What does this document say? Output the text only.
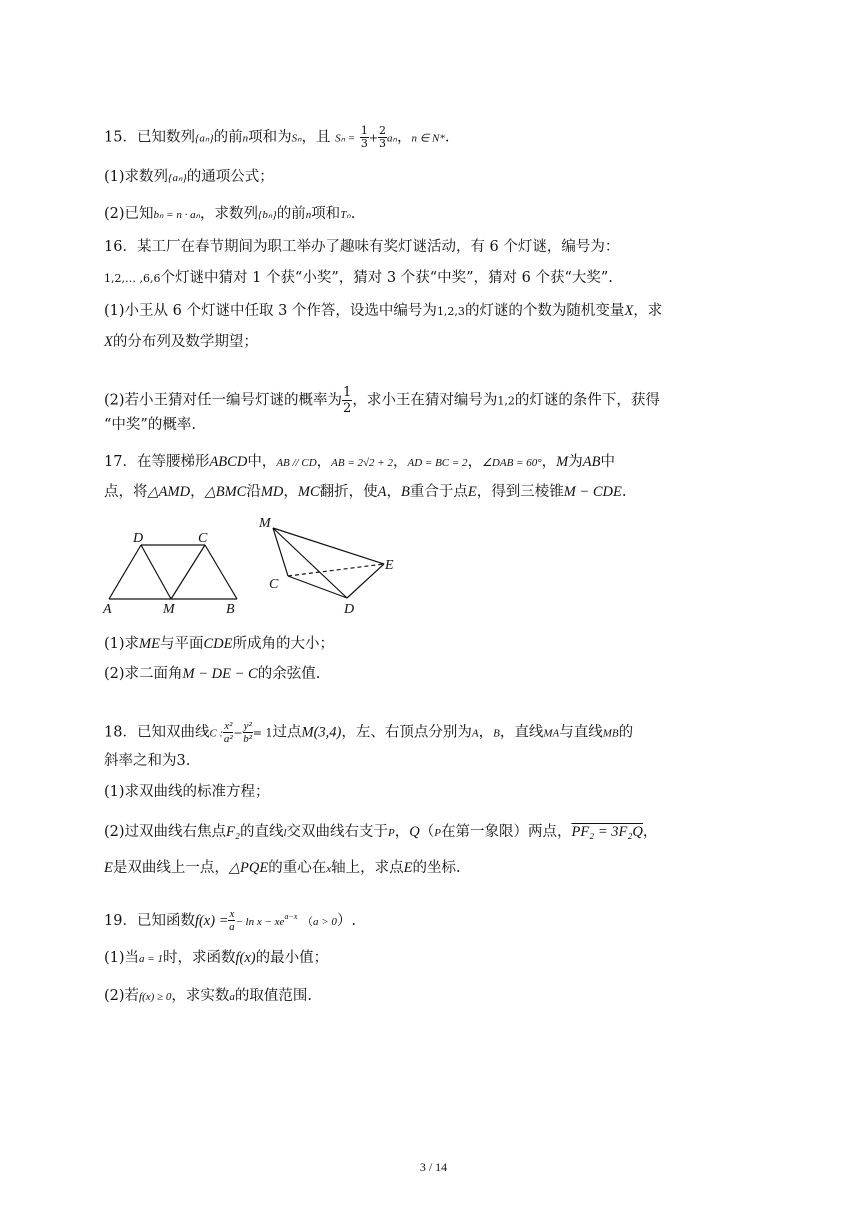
15．已知数列{aₙ}的前n项和为Sₙ，且 $S_n = \frac{1}{3} + \frac{2}{3}$ aₙ，n ∈ N*.
(1)求数列{aₙ}的通项公式；
(2)已知bₙ = n · aₙ，求数列{bₙ}的前n项和Tₙ.
16．某工厂在春节期间为职工举办了趣味有奖灯谜活动，有 6 个灯谜，编号为：
1,2,… ,6,6个灯谜中猜对 1 个获“小奖”，猜对 3 个获“中奖”，猜对 6 个获“大奖”.
(1)小王从 6 个灯谜中任取 3 个作答，设选中编号为1,2,3的灯谜的个数为随机变量X，求
X的分布列及数学期望；
(2)若小王猜对任一编号灯谜的概率为 $\frac{1}{2}$ ，求小王在猜对编号为1,2的灯谜的条件下，获得
“中奖”的概率.
17．在等腰梯形ABCD中，AB // CD，AB = 2√2 + 2，AD = BC = 2，∠DAB = 60°，M为AB中
点，将△AMD，△BMC沿MD，MC翻折，使A，B重合于点E，得到三棱锥M − CDE.
A	M	B
D	C
M
C
D
E
(1)求ME与平面CDE所成角的大小；
(2)求二面角M − DE − C的余弦值.
18．已知双曲线C : $\frac{\text{x²}}{\text{a²}} - \frac{\text{y²}}{\text{b²}} = 1$过点M(3,4)，左、右顶点分别为A，B，直线MA与直线MB的
斜率之和为3.
(1)求双曲线的标准方程；
(2)过双曲线右焦点F₂的直线l交双曲线右支于P，Q（P在第一象限）两点，PF₂ = 3F₂Q，
E是双曲线上一点，△PQE的重心在x轴上，求点E的坐标.
19．已知函数$f(x) = \frac{x}{a} - \ln x - xe^{a-x}$ （a > 0）.
(1)当a = 1时，求函数f(x)的最小值；
(2)若f(x) ≥ 0，求实数a的取值范围.
3 / 14
